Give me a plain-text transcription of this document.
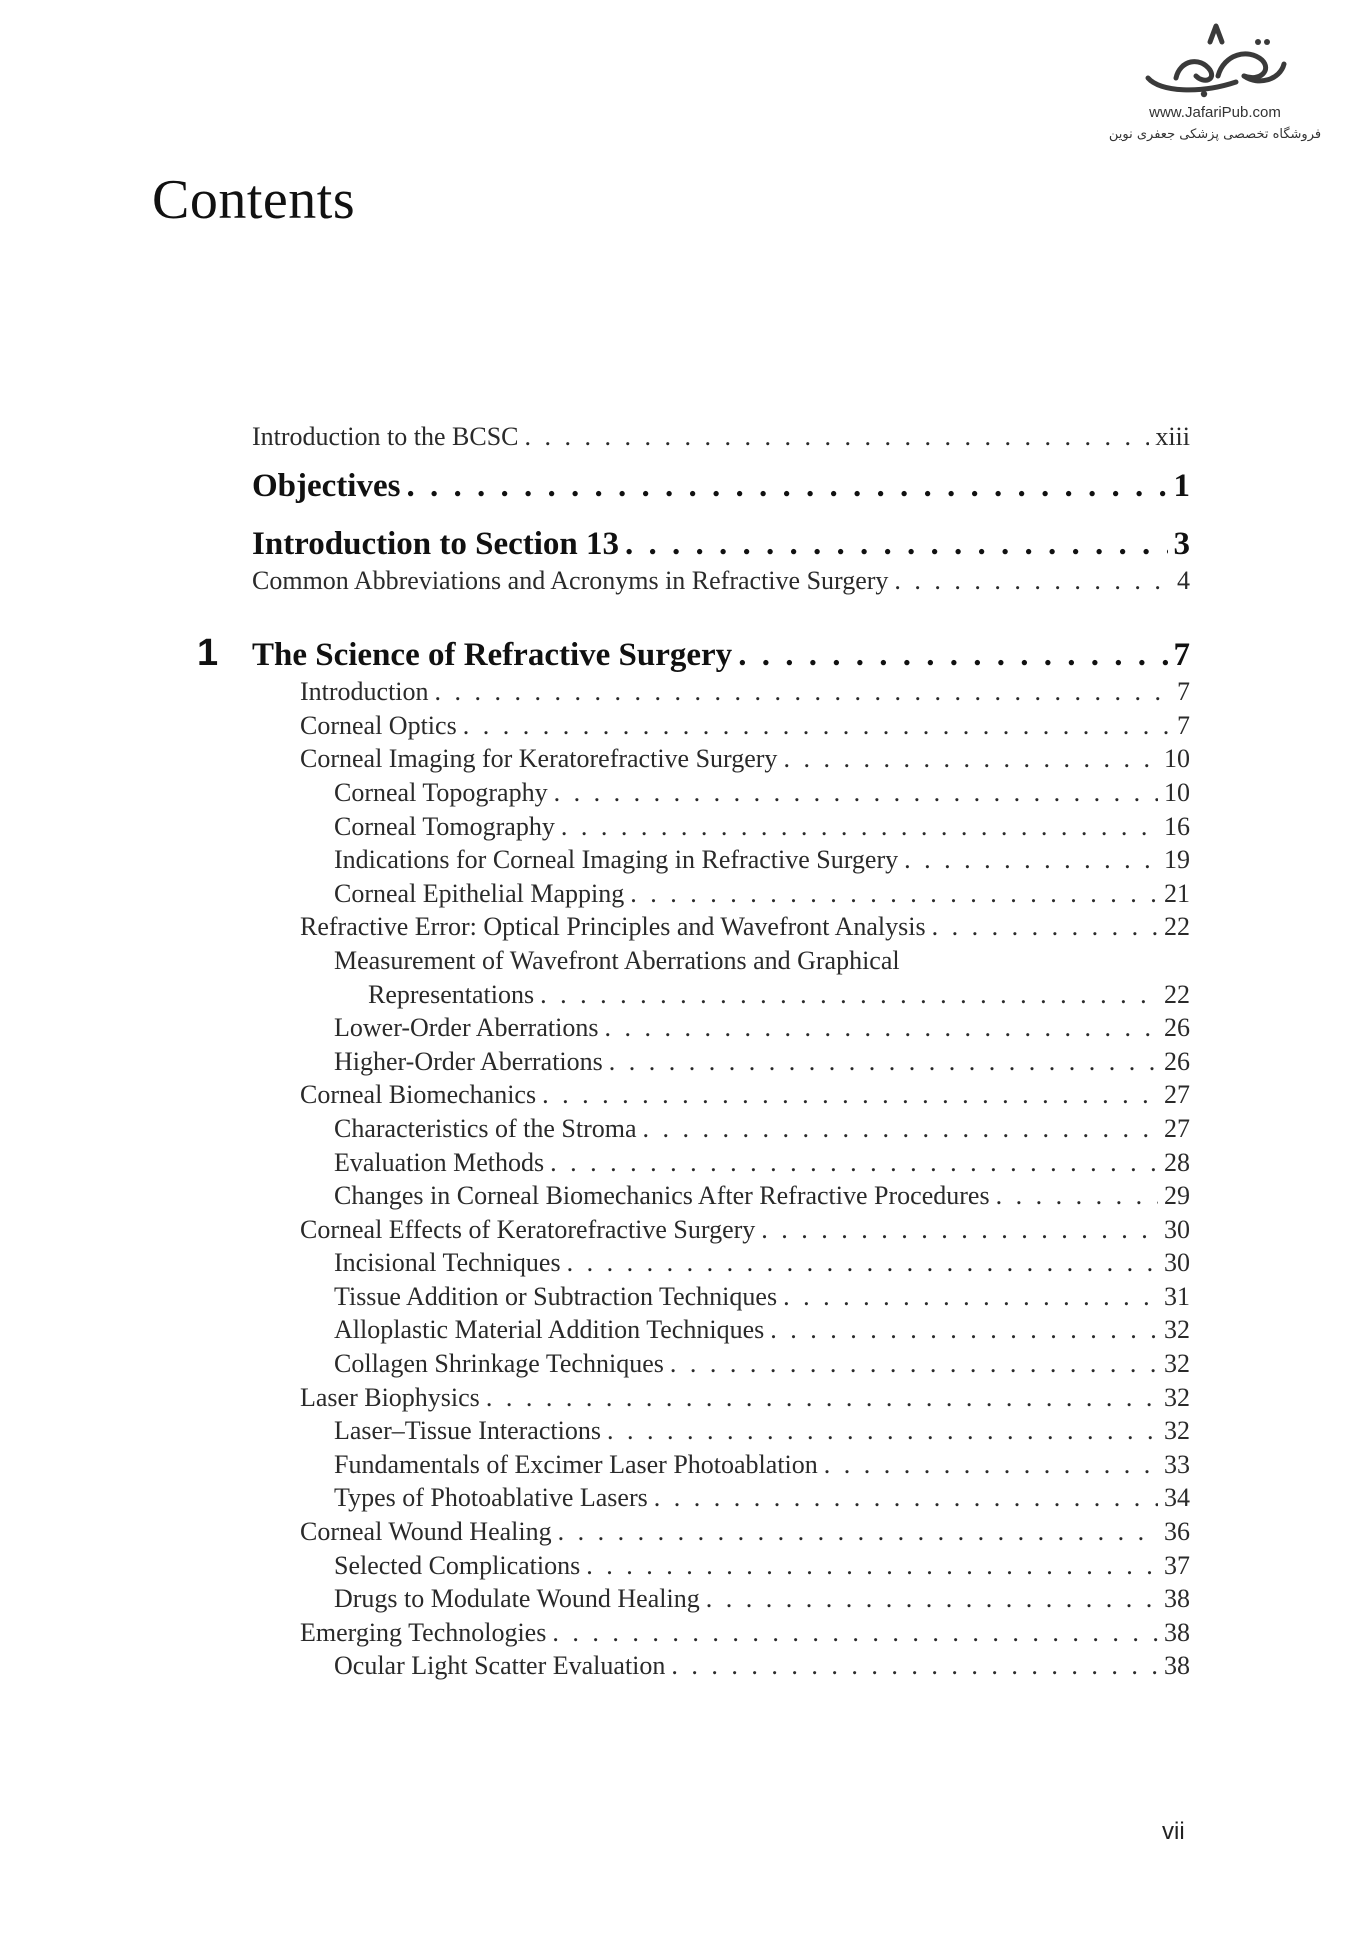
www.JafariPub.com
فروشگاه تخصصی پزشکی جعفری نوین
Contents
Introduction to the BCSC . . .	xiii
Objectives . . .	1
Introduction to Section 13 . . .	3
Common Abbreviations and Acronyms in Refractive Surgery . . .	4
1 The Science of Refractive Surgery . . .	7
Introduction . . .	7
Corneal Optics . . .	7
Corneal Imaging for Keratorefractive Surgery . . .	10
Corneal Topography . . .	10
Corneal Tomography . . .	16
Indications for Corneal Imaging in Refractive Surgery . . .	19
Corneal Epithelial Mapping . . .	21
Refractive Error: Optical Principles and Wavefront Analysis . . .	22
Measurement of Wavefront Aberrations and Graphical
Representations . . .	22
Lower-Order Aberrations . . .	26
Higher-Order Aberrations . . .	26
Corneal Biomechanics . . .	27
Characteristics of the Stroma . . .	27
Evaluation Methods . . .	28
Changes in Corneal Biomechanics After Refractive Procedures . . .	29
Corneal Effects of Keratorefractive Surgery . . .	30
Incisional Techniques . . .	30
Tissue Addition or Subtraction Techniques . . .	31
Alloplastic Material Addition Techniques . . .	32
Collagen Shrinkage Techniques . . .	32
Laser Biophysics . . .	32
Laser–Tissue Interactions . . .	32
Fundamentals of Excimer Laser Photoablation . . .	33
Types of Photoablative Lasers . . .	34
Corneal Wound Healing . . .	36
Selected Complications . . .	37
Drugs to Modulate Wound Healing . . .	38
Emerging Technologies . . .	38
Ocular Light Scatter Evaluation . . .	38
vii
